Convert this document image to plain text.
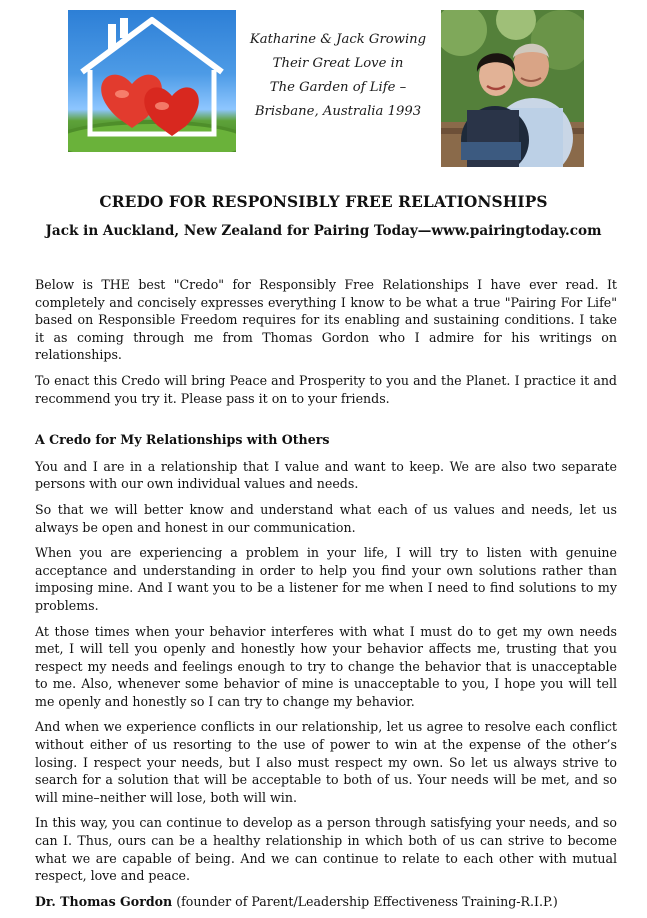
Katharine & Jack Growing
Their Great Love in
The Garden of Life –
Brisbane, Australia 1993
CREDO FOR RESPONSIBLY FREE RELATIONSHIPS
Jack in Auckland, New Zealand for Pairing Today—www.pairingtoday.com

Below is THE best "Credo" for Responsibly Free Relationships I have ever read. It completely and concisely expresses everything I know to be what a true "Pairing For Life" based on Responsible Freedom requires for its enabling and sustaining conditions. I take it as coming through me from Thomas Gordon who I admire for his writings on relationships.

To enact this Credo will bring Peace and Prosperity to you and the Planet. I practice it and recommend you try it. Please pass it on to your friends.

A Credo for My Relationships with Others

You and I are in a relationship that I value and want to keep. We are also two separate persons with our own individual values and needs.

So that we will better know and understand what each of us values and needs, let us always be open and honest in our communication.

When you are experiencing a problem in your life, I will try to listen with genuine acceptance and understanding in order to help you find your own solutions rather than imposing mine. And I want you to be a listener for me when I need to find solutions to my problems.

At those times when your behavior interferes with what I must do to get my own needs met, I will tell you openly and honestly how your behavior affects me, trusting that you respect my needs and feelings enough to try to change the behavior that is unacceptable to me. Also, whenever some behavior of mine is unacceptable to you, I hope you will tell me openly and honestly so I can try to change my behavior.

And when we experience conflicts in our relationship, let us agree to resolve each conflict without either of us resorting to the use of power to win at the expense of the other’s losing. I respect your needs, but I also must respect my own. So let us always strive to search for a solution that will be acceptable to both of us. Your needs will be met, and so will mine–neither will lose, both will win.

In this way, you can continue to develop as a person through satisfying your needs, and so can I. Thus, ours can be a healthy relationship in which both of us can strive to become what we are capable of being. And we can continue to relate to each other with mutual respect, love and peace.

Dr. Thomas Gordon (founder of Parent/Leadership Effectiveness Training-R.I.P.)
